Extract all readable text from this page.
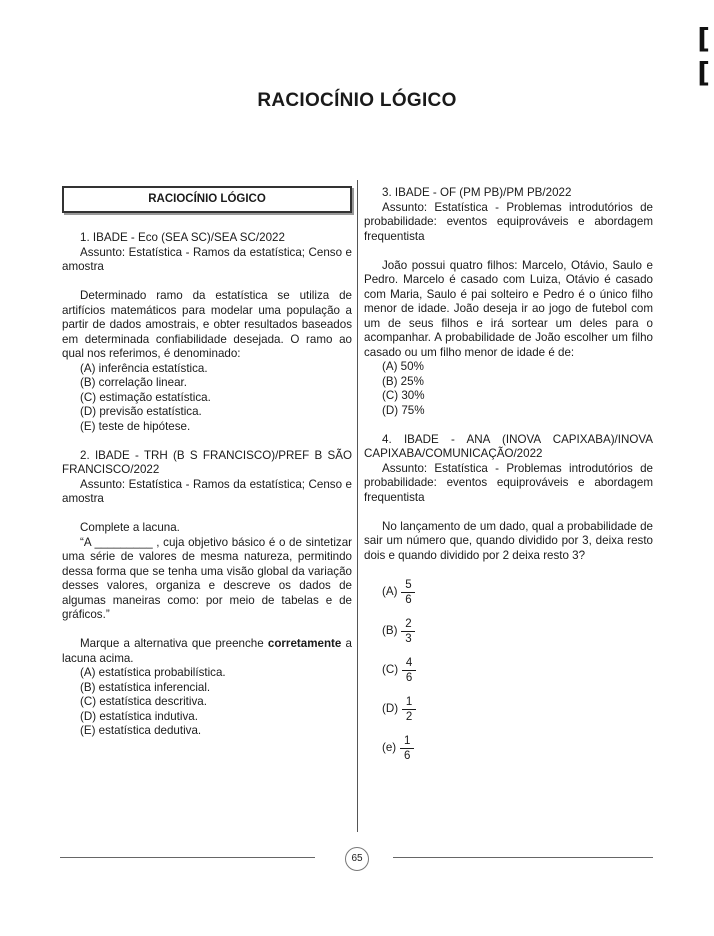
[
[
RACIOCÍNIO LÓGICO
RACIOCÍNIO LÓGICO
1. IBADE - Eco (SEA SC)/SEA SC/2022
Assunto: Estatística - Ramos da estatística; Censo e amostra
Determinado ramo da estatística se utiliza de artifícios matemáticos para modelar uma população a partir de dados amostrais, e obter resultados baseados em determinada confiabilidade desejada. O ramo ao qual nos referimos, é denominado:
(A) inferência estatística.
(B) correlação linear.
(C) estimação estatística.
(D) previsão estatística.
(E) teste de hipótese.
2. IBADE - TRH (B S FRANCISCO)/PREF B SÃO FRANCISCO/2022
Assunto: Estatística - Ramos da estatística; Censo e amostra
Complete a lacuna.
“A _________ , cuja objetivo básico é o de sintetizar uma série de valores de mesma natureza, permitindo dessa forma que se tenha uma visão global da variação desses valores, organiza e descreve os dados de algumas maneiras como: por meio de tabelas e de gráficos.”
Marque a alternativa que preenche corretamente a lacuna acima.
(A) estatística probabilística.
(B) estatística inferencial.
(C) estatística descritiva.
(D) estatística indutiva.
(E) estatística dedutiva.
3. IBADE - OF (PM PB)/PM PB/2022
Assunto: Estatística - Problemas introdutórios de probabilidade: eventos equiprováveis e abordagem frequentista
João possui quatro filhos: Marcelo, Otávio, Saulo e Pedro. Marcelo é casado com Luiza, Otávio é casado com Maria, Saulo é pai solteiro e Pedro é o único filho menor de idade. João deseja ir ao jogo de futebol com um de seus filhos e irá sortear um deles para o acompanhar. A probabilidade de João escolher um filho casado ou um filho menor de idade é de:
(A) 50%
(B) 25%
(C) 30%
(D) 75%
4. IBADE - ANA (INOVA CAPIXABA)/INOVA CAPIXABA/COMUNICAÇÃO/2022
Assunto: Estatística - Problemas introdutórios de probabilidade: eventos equiprováveis e abordagem frequentista
No lançamento de um dado, qual a probabilidade de sair um número que, quando dividido por 3, deixa resto dois e quando dividido por 2 deixa resto 3?
$(A) \frac{5}{6}$
$(B) \frac{2}{3}$
$(C) \frac{4}{6}$
$(D) \frac{1}{2}$
$(e) \frac{1}{6}$
65
